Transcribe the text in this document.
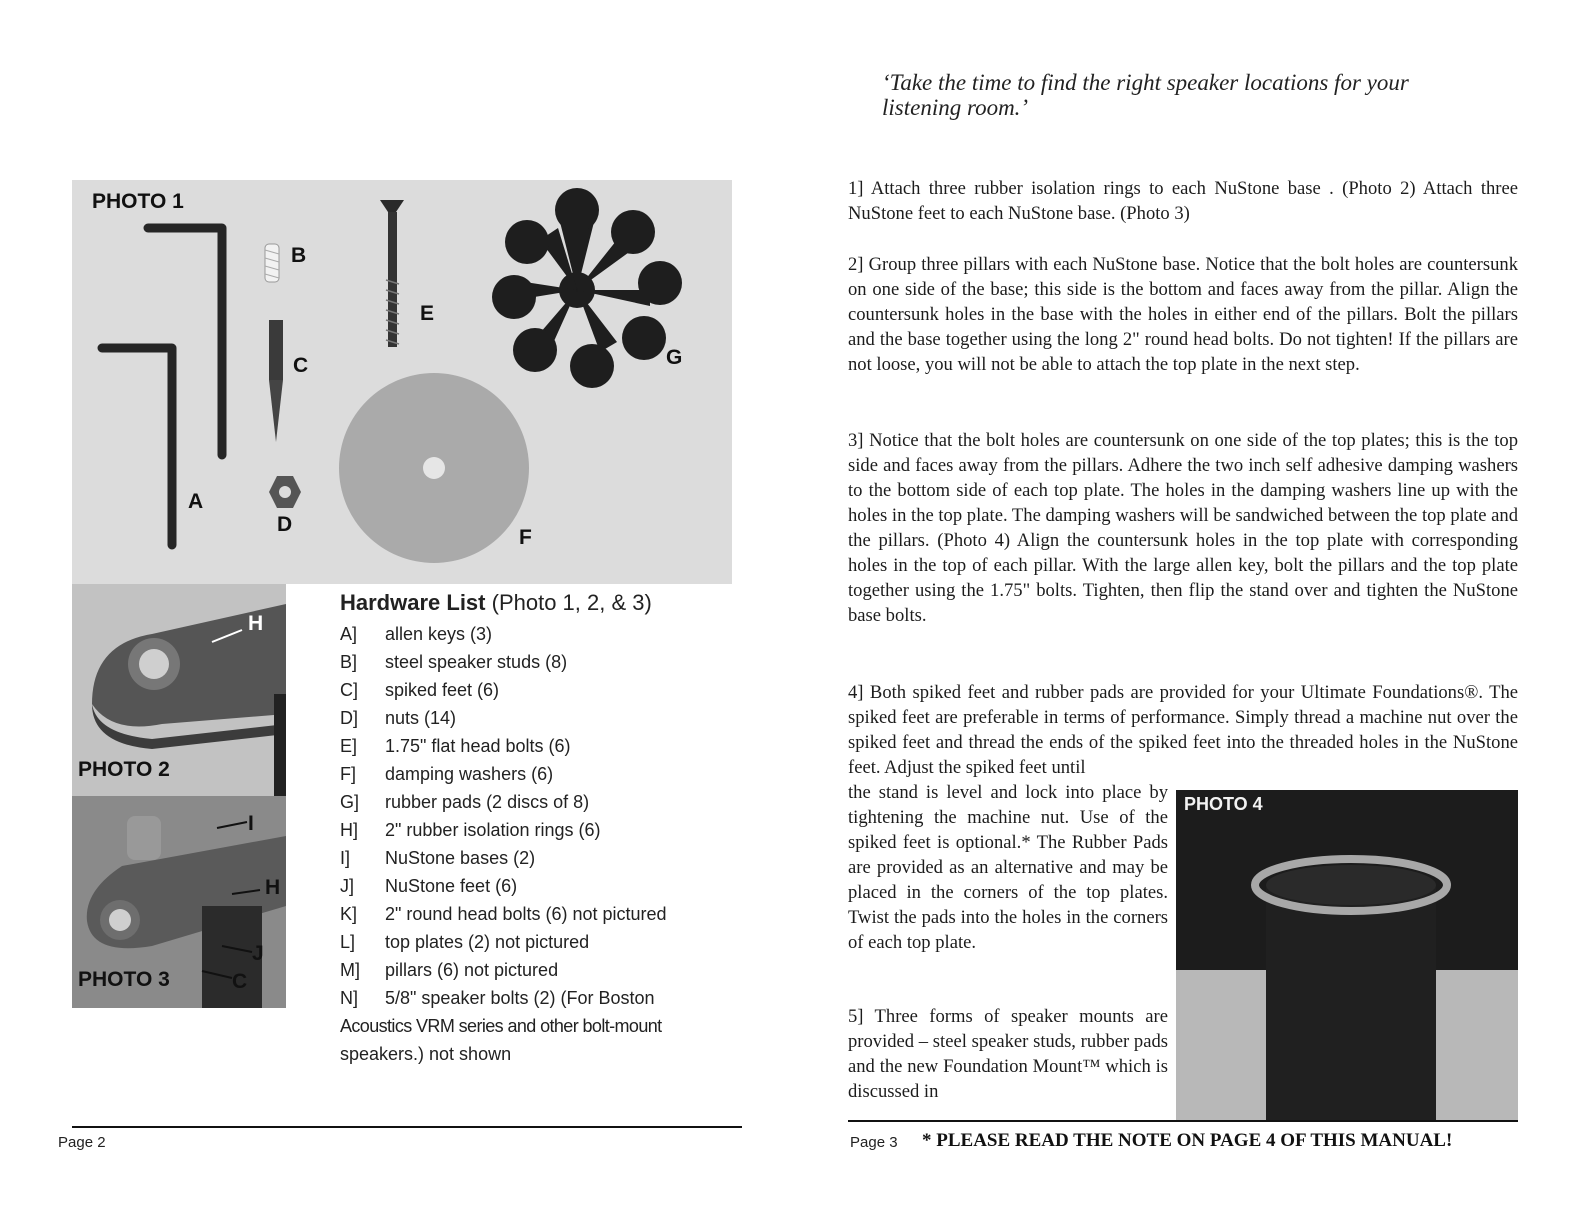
PHOTO 1
A
B
C
D
E
F
G
H
PHOTO 2
I
H
J
C
PHOTO 3
Hardware List (Photo 1, 2, & 3)
A]	allen keys (3)
B]	steel speaker studs (8)
C]	spiked feet (6)
D]	nuts (14)
E]	1.75" flat head bolts (6)
F]	damping washers (6)
G]	rubber pads (2 discs of 8)
H]	2" rubber isolation rings (6)
I]	NuStone bases (2)
J]	NuStone feet (6)
K]	2" round head bolts (6) not pictured
L]	top plates (2) not pictured
M]	pillars (6) not pictured
N]	5/8" speaker bolts (2) (For Boston
Acoustics VRM series and other bolt-mount
speakers.) not shown
Page 2
‘Take the time to find the right speaker locations for your
listening room.’

1] Attach three rubber isolation rings to each NuStone base . (Photo 2) Attach three NuStone feet to each NuStone base. (Photo 3)

2] Group three pillars with each NuStone base. Notice that the bolt holes are countersunk on one side of the base; this side is the bottom and faces away from the pillar. Align the countersunk holes in the base with the holes in either end of the pillars. Bolt the pillars and the base together using the long 2" round head bolts. Do not tighten! If the pillars are not loose, you will not be able to attach the top plate in the next step.

3] Notice that the bolt holes are countersunk on one side of the top plates; this is the top side and faces away from the pillars. Adhere the two inch self adhesive damping washers to the bottom side of each top plate. The holes in the damping washers line up with the holes in the top plate. The damping washers will be sandwiched between the top plate and the pillars. (Photo 4) Align the countersunk holes in the top plate with corresponding holes in the top of each pillar. With the large allen key, bolt the pillars and the top plate together using the 1.75" bolts. Tighten, then flip the stand over and tighten the NuStone base bolts.

4] Both spiked feet and rubber pads are provided for your Ultimate Foundations®. The spiked feet are preferable in terms of performance. Simply thread a machine nut over the spiked feet and thread the ends of the spiked feet into the threaded holes in the NuStone feet. Adjust the spiked feet until

the stand is level and lock into place by tightening the machine nut. Use of the spiked feet is optional.* The Rubber Pads are provided as an alternative and may be placed in the corners of the top plates. Twist the pads into the holes in the corners of each top plate.

5] Three forms of speaker mounts are provided – steel speaker studs, rubber pads and the new Foundation Mount™ which is discussed in

PHOTO 4
Page 3 * PLEASE READ THE NOTE ON PAGE 4 OF THIS MANUAL!
